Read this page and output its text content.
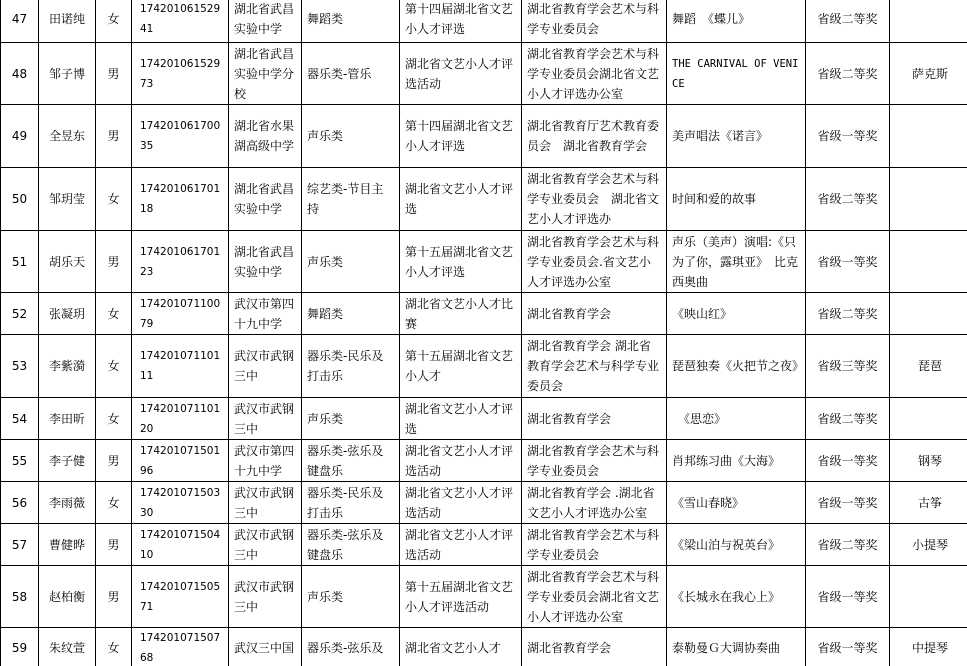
47	田诺纯	女	17420106152941	湖北省武昌实验中学	舞蹈类	第十四届湖北省文艺小人才评选	湖北省教育学会艺术与科学专业委员会	舞蹈　《蝶儿》	省级二等奖	
48	邹子博	男	17420106152973	湖北省武昌实验中学分校	器乐类-管乐	湖北省文艺小人才评选活动	湖北省教育学会艺术与科学专业委员会湖北省文艺小人才评选办公室	THE CARNIVAL OF VENICE	省级二等奖	萨克斯
49	全昱东	男	17420106170035	湖北省水果湖高级中学	声乐类	第十四届湖北省文艺小人才评选	湖北省教育厅艺术教育委员会　湖北省教育学会	美声唱法《诺言》	省级一等奖	
50	邹玥莹	女	17420106170118	湖北省武昌实验中学	综艺类-节目主持	湖北省文艺小人才评选	湖北省教育学会艺术与科学专业委员会　湖北省文艺小人才评选办	时间和爱的故事	省级二等奖	
51	胡乐天	男	17420106170123	湖北省武昌实验中学	声乐类	第十五届湖北省文艺小人才评选	湖北省教育学会艺术与科学专业委员会.省文艺小人才评选办公室	声乐（美声）演唱:《只为了你，露琪亚》　比克西奥曲	省级一等奖	
52	张凝玥	女	17420107110079	武汉市第四十九中学	舞蹈类	湖北省文艺小人才比赛	湖北省教育学会	《映山红》	省级二等奖	
53	李紫漪	女	17420107110111	武汉市武钢三中	器乐类-民乐及打击乐	第十五届湖北省文艺小人才	湖北省教育学会 湖北省教育学会艺术与科学专业委员会	琵琶独奏《火把节之夜》	省级三等奖	琵琶
54	李田昕	女	17420107110120	武汉市武钢三中	声乐类	湖北省文艺小人才评选	湖北省教育学会	　《思恋》	省级二等奖	
55	李子健	男	17420107150196	武汉市第四十九中学	器乐类-弦乐及键盘乐	湖北省文艺小人才评选活动	湖北省教育学会艺术与科学专业委员会	肖邦练习曲《大海》	省级一等奖	钢琴
56	李雨薇	女	17420107150330	武汉市武钢三中	器乐类-民乐及打击乐	湖北省文艺小人才评选活动	湖北省教育学会 .湖北省文艺小人才评选办公室	《雪山春晓》	省级一等奖	古筝
57	曹健晔	男	17420107150410	武汉市武钢三中	器乐类-弦乐及键盘乐	湖北省文艺小人才评选活动	湖北省教育学会艺术与科学专业委员会	《梁山泊与祝英台》	省级二等奖	小提琴
58	赵柏衡	男	17420107150571	武汉市武钢三中	声乐类	第十五届湖北省文艺小人才评选活动	湖北省教育学会艺术与科学专业委员会湖北省文艺小人才评选办公室	《长城永在我心上》	省级一等奖	
59	朱纹萱	女	17420107150768	武汉三中国	器乐类-弦乐及	湖北省文艺小人才	湖北省教育学会	泰勒曼Ｇ大调协奏曲	省级一等奖	中提琴
